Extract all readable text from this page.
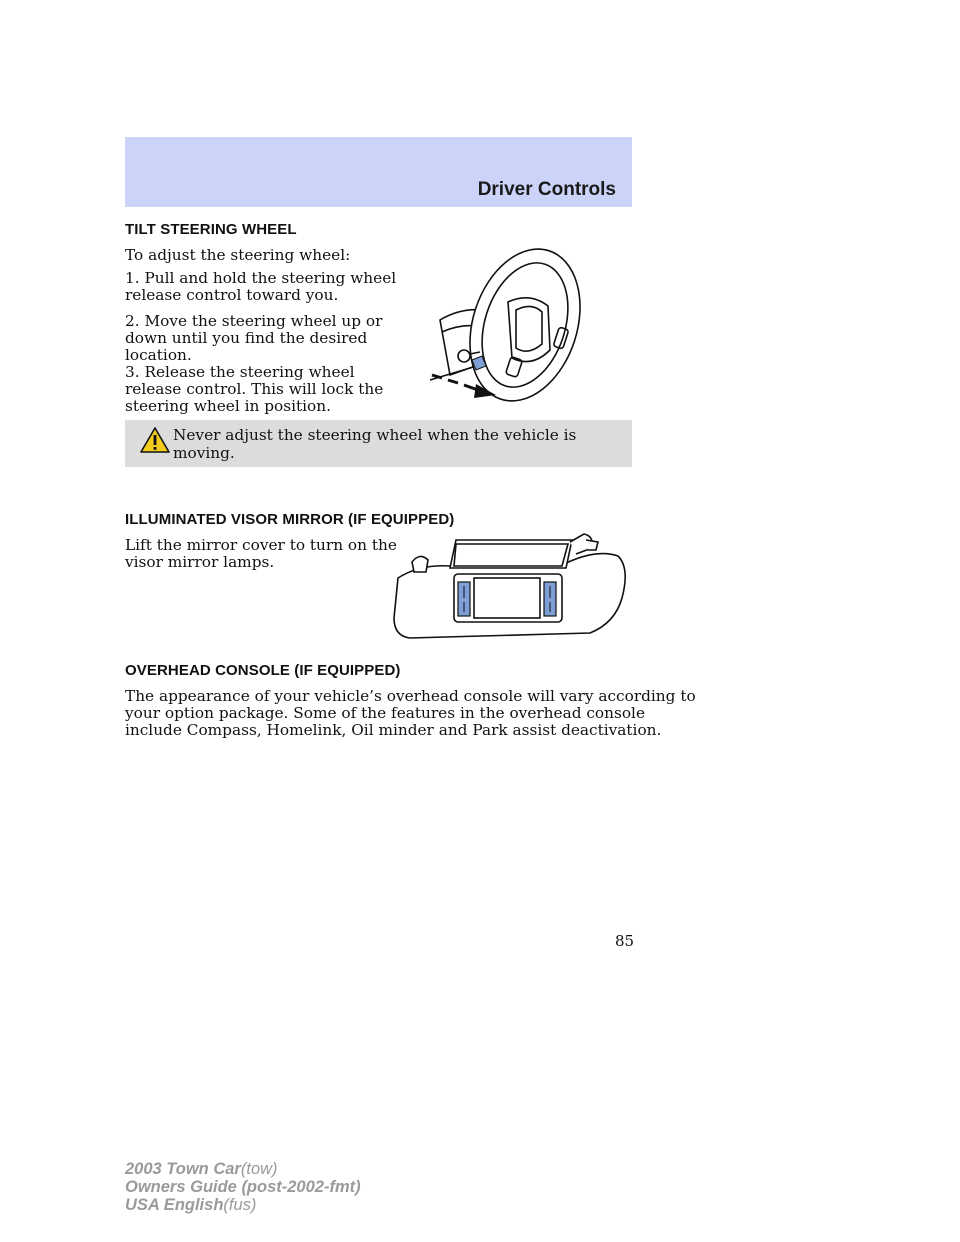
Driver Controls
TILT STEERING WHEEL
To adjust the steering wheel:
1. Pull and hold the steering wheel
release control toward you.
2. Move the steering wheel up or
down until you find the desired
location.
3. Release the steering wheel
release control. This will lock the
steering wheel in position.
Never adjust the steering wheel when the vehicle is moving.
ILLUMINATED VISOR MIRROR (IF EQUIPPED)
Lift the mirror cover to turn on the
visor mirror lamps.
OVERHEAD CONSOLE (IF EQUIPPED)
The appearance of your vehicle’s overhead console will vary according to
your option package. Some of the features in the overhead console
include Compass, Homelink, Oil minder and Park assist deactivation.
85
2003 Town Car(tow)
Owners Guide (post-2002-fmt)
USA English(fus)
